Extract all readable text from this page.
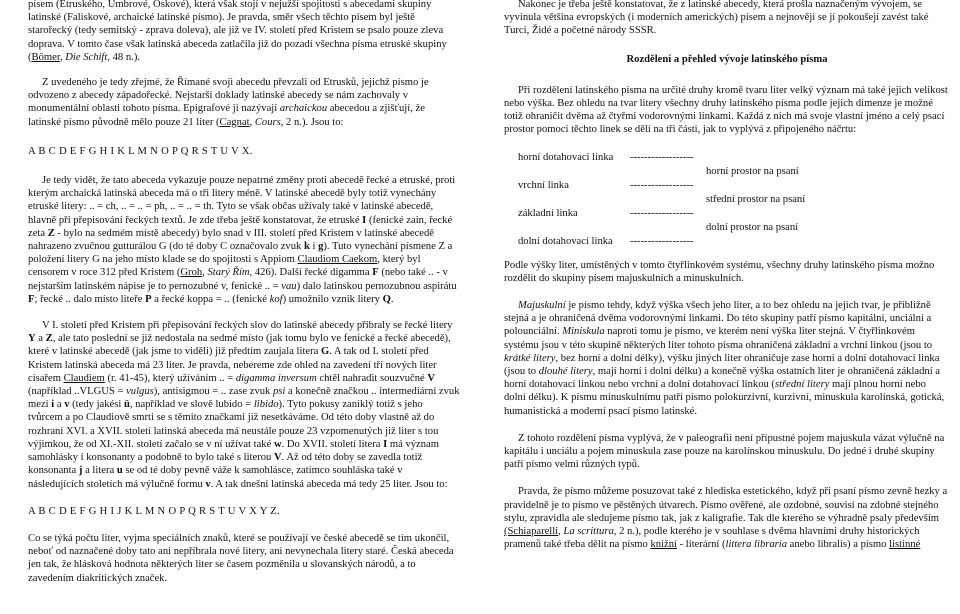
písem (Etruského, Umbrové, Oskové), která však stojí v nejužší spojitosti s abecedami skupiny latinské (Faliskové, archaické latinské písmo). Je pravda, směr všech těchto písem byl ještě starořecký (tedy semitský - zprava doleva), ale již ve IV. století před Kristem se psalo pouze zleva doprava. V tomto čase však latinská abeceda zatlačila již do pozadí všechna písma etruské skupiny (Bömer, Die Schift, 48 n.).

Z uvedeného je tedy zřejmé, že Římané svoji abecedu převzali od Etrusků, jejichž písmo je odvozeno z abecedy západořecké. Nejstarší doklady latinské abecedy se nám zachovaly v monumentální oblasti tohoto písma. Epigrafové ji nazývají archaickou abecedou a zjišťují, že latinské písmo původně mělo pouze 21 liter (Cagnat, Cours, 2 n.). Jsou to:

A B C D E F G H I K L M N O P Q R S T U V X.

Je tedy vidět, že tato abeceda vykazuje pouze nepatrné změny proti abecedě řecké a etruské, proti kterým archaická latinská abeceda má o tři litery méně. V latinské abecedě byly totiž vynechány etruské litery: .. = ch, .. = .. = ph, .. = .. = th. Tyto se však občas užívaly také v latinské abecedě, hlavně při přepisování řeckých textů. Je zde třeba ještě konstatovat, že etruské I (fenické zain, řecké zeta Z - bylo na sedmém místě abecedy) bylo snad v III. století před Kristem v latinské abecedě nahrazeno zvučnou gutturálou G (do té doby C označovalo zvuk k i g). Tuto vynechání písmene Z a položení litery G na jeho místo klade se do spojitosti s Appiom Claudiom Caekom, který byl censorem v roce 312 před Kristem (Groh, Starý Řím, 426). Další řecké digamma F (nebo také .. - v nejstarším latinském nápise je to pernozubné v, fenické .. = vau) dalo latinskou pernozubnou aspirátu F; řecké .. dalo místo liteře P a řecké koppa = .. (fenické kof) umožnilo vznik litery Q.

V I. století před Kristem při přepisování řeckých slov do latinské abecedy přibraly se řecké litery Y a Z, ale tato poslední se již nedostala na sedmé místo (jak tomu bylo ve fenické a řecké abecedě), které v latinské abecedě (jak jsme to viděli) již předtím zaujala litera G. A tak od I. století před Kristem latinská abeceda má 23 liter. Je pravda, nebereme zde ohled na zavedení tří nových liter císařem Claudiem (r. 41-45), který užíváním .. = digamma inversum chtěl nahradit souzvučné V (například ..VLGUS = vulgus), antisigmou = .. zase zvuk psi a konečně značkou .. intermediární zvuk mezi i a v (tedy jakési ü, například ve slově lubido = libido). Tyto pokusy zaniklý totiž s jeho tvůrcem a po Claudiově smrti se s těmito značkami již nesetkáváme. Od této doby vlastně až do rozhraní XVI. a XVII. století latinská abeceda má neustále pouze 23 vzpomenutých již liter s tou výjimkou, že od XI.-XII. století začalo se v ní užívat také w. Do XVII. století litera I má význam samohlásky i konsonanty a podobně to bylo také s literou V. Až od této doby se zavedla totiž konsonanta j a litera u se od té doby pevně váže k samohlásce, zatímco souhláska také v následujících stoletích má výlučně formu v. A tak dnešní latinská abeceda má tedy 25 liter. Jsou to:

A B C D E F G H I J K L M N O P Q R S T U V X Y Z.

Co se týká počtu liter, vyjma speciálních znaků, které se používají ve české abecedě se tím ukončil, neboť od naznačené doby tato ani nepříbrala nové litery, ani nevynechala litery staré. Česká abeceda jen tak, že hlásková hodnota některých liter se časem pozměnila u slovanských národů, a to zavedením diakritických značek.

Nakonec je třeba ještě konstatovat, že z latinské abecedy, která prošla naznačeným vývojem, se vyvinula většina evropských (i moderních amerických) písem a nejnověji se jí pokoušejí zavést také Turci, Židé a početné národy SSSR.

Rozdělení a přehled vývoje latinského písma

Při rozdělení latinského písma na určité druhy kromě tvaru liter velký význam má také jejich velikost nebo výška. Bez ohledu na tvar litery všechny druhy latinského písma podle jejich dimenze je možné totiž ohraničit dvěma až čtyřmi vodorovnými linkami. Každá z nich má svoje vlastní jméno a celý psací prostor pomocí těchto linek se dělí na tři části, jak to vyplývá z připojeného náčrtu:

horní dotahovací linka	------------------
	horní prostor na psaní
vrchní linka	------------------
	střední prostor na psaní
základní linka	------------------
	dolní prostor na psaní
dolní dotahovací linka	------------------

Podle výšky liter, umístěných v tomto čtyřlinkovém systému, všechny druhy latinského písma možno rozdělit do skupiny písem majuskulních a minuskulních.

Majuskulní je písmo tehdy, když výška všech jeho liter, a to bez ohledu na jejich tvar, je přibližně stejná a je ohraničená dvěma vodorovnými linkami. Do této skupiny patří písmo kapitální, unciální a polounciální. Miniskula naproti tomu je písmo, ve kterém není výška liter stejná. V čtyřlinkovém systému jsou v této skupině některých liter tohoto písma ohraničená základní a vrchní linkou (jsou to krátké litery, bez horní a dolní délky), výšku jiných liter ohraničuje zase horní a dolní dotahovací linka (jsou to dlouhé litery, mají horní i dolní délku) a konečně výška ostatních liter je ohraničená základní a horní dotahovací linkou nebo vrchní a dolní dotahovací linkou (střední litery mají plnou horní nebo dolní délku). K písmu minuskulnímu patří písmo polokurzivní, kurzivní, minuskula karolínská, gotická, humanistická a moderní psací písmo latinské.

Z tohoto rozdělení písma vyplývá, že v paleografii není přípustné pojem majuskula vázat výlučně na kapitálu i unciálu a pojem minuskula zase pouze na karolínskou minuskulu. Do jedné i druhé skupiny patří písmo velmi různých typů.

Pravda, že písmo můžeme posuzovat také z hlediska estetického, když při psaní písmo zevně hezky a pravidelně je to písmo ve pěstěných útvarech. Písmo ověřené, ale ozdobné, souvisí na zdobné stejného stylu, zpravidla ale sledujeme písmo tak, jak z kaligrafie. Tak dle kterého se výhradně psaly především (Schiaparelli, La scrittura, 2 n.), podle kterého je v souhlase s dvěma hlavními druhy historických pramenů také třeba dělit na písmo knižní - literární (littera libraria anebo libralis) a písmo listinné
